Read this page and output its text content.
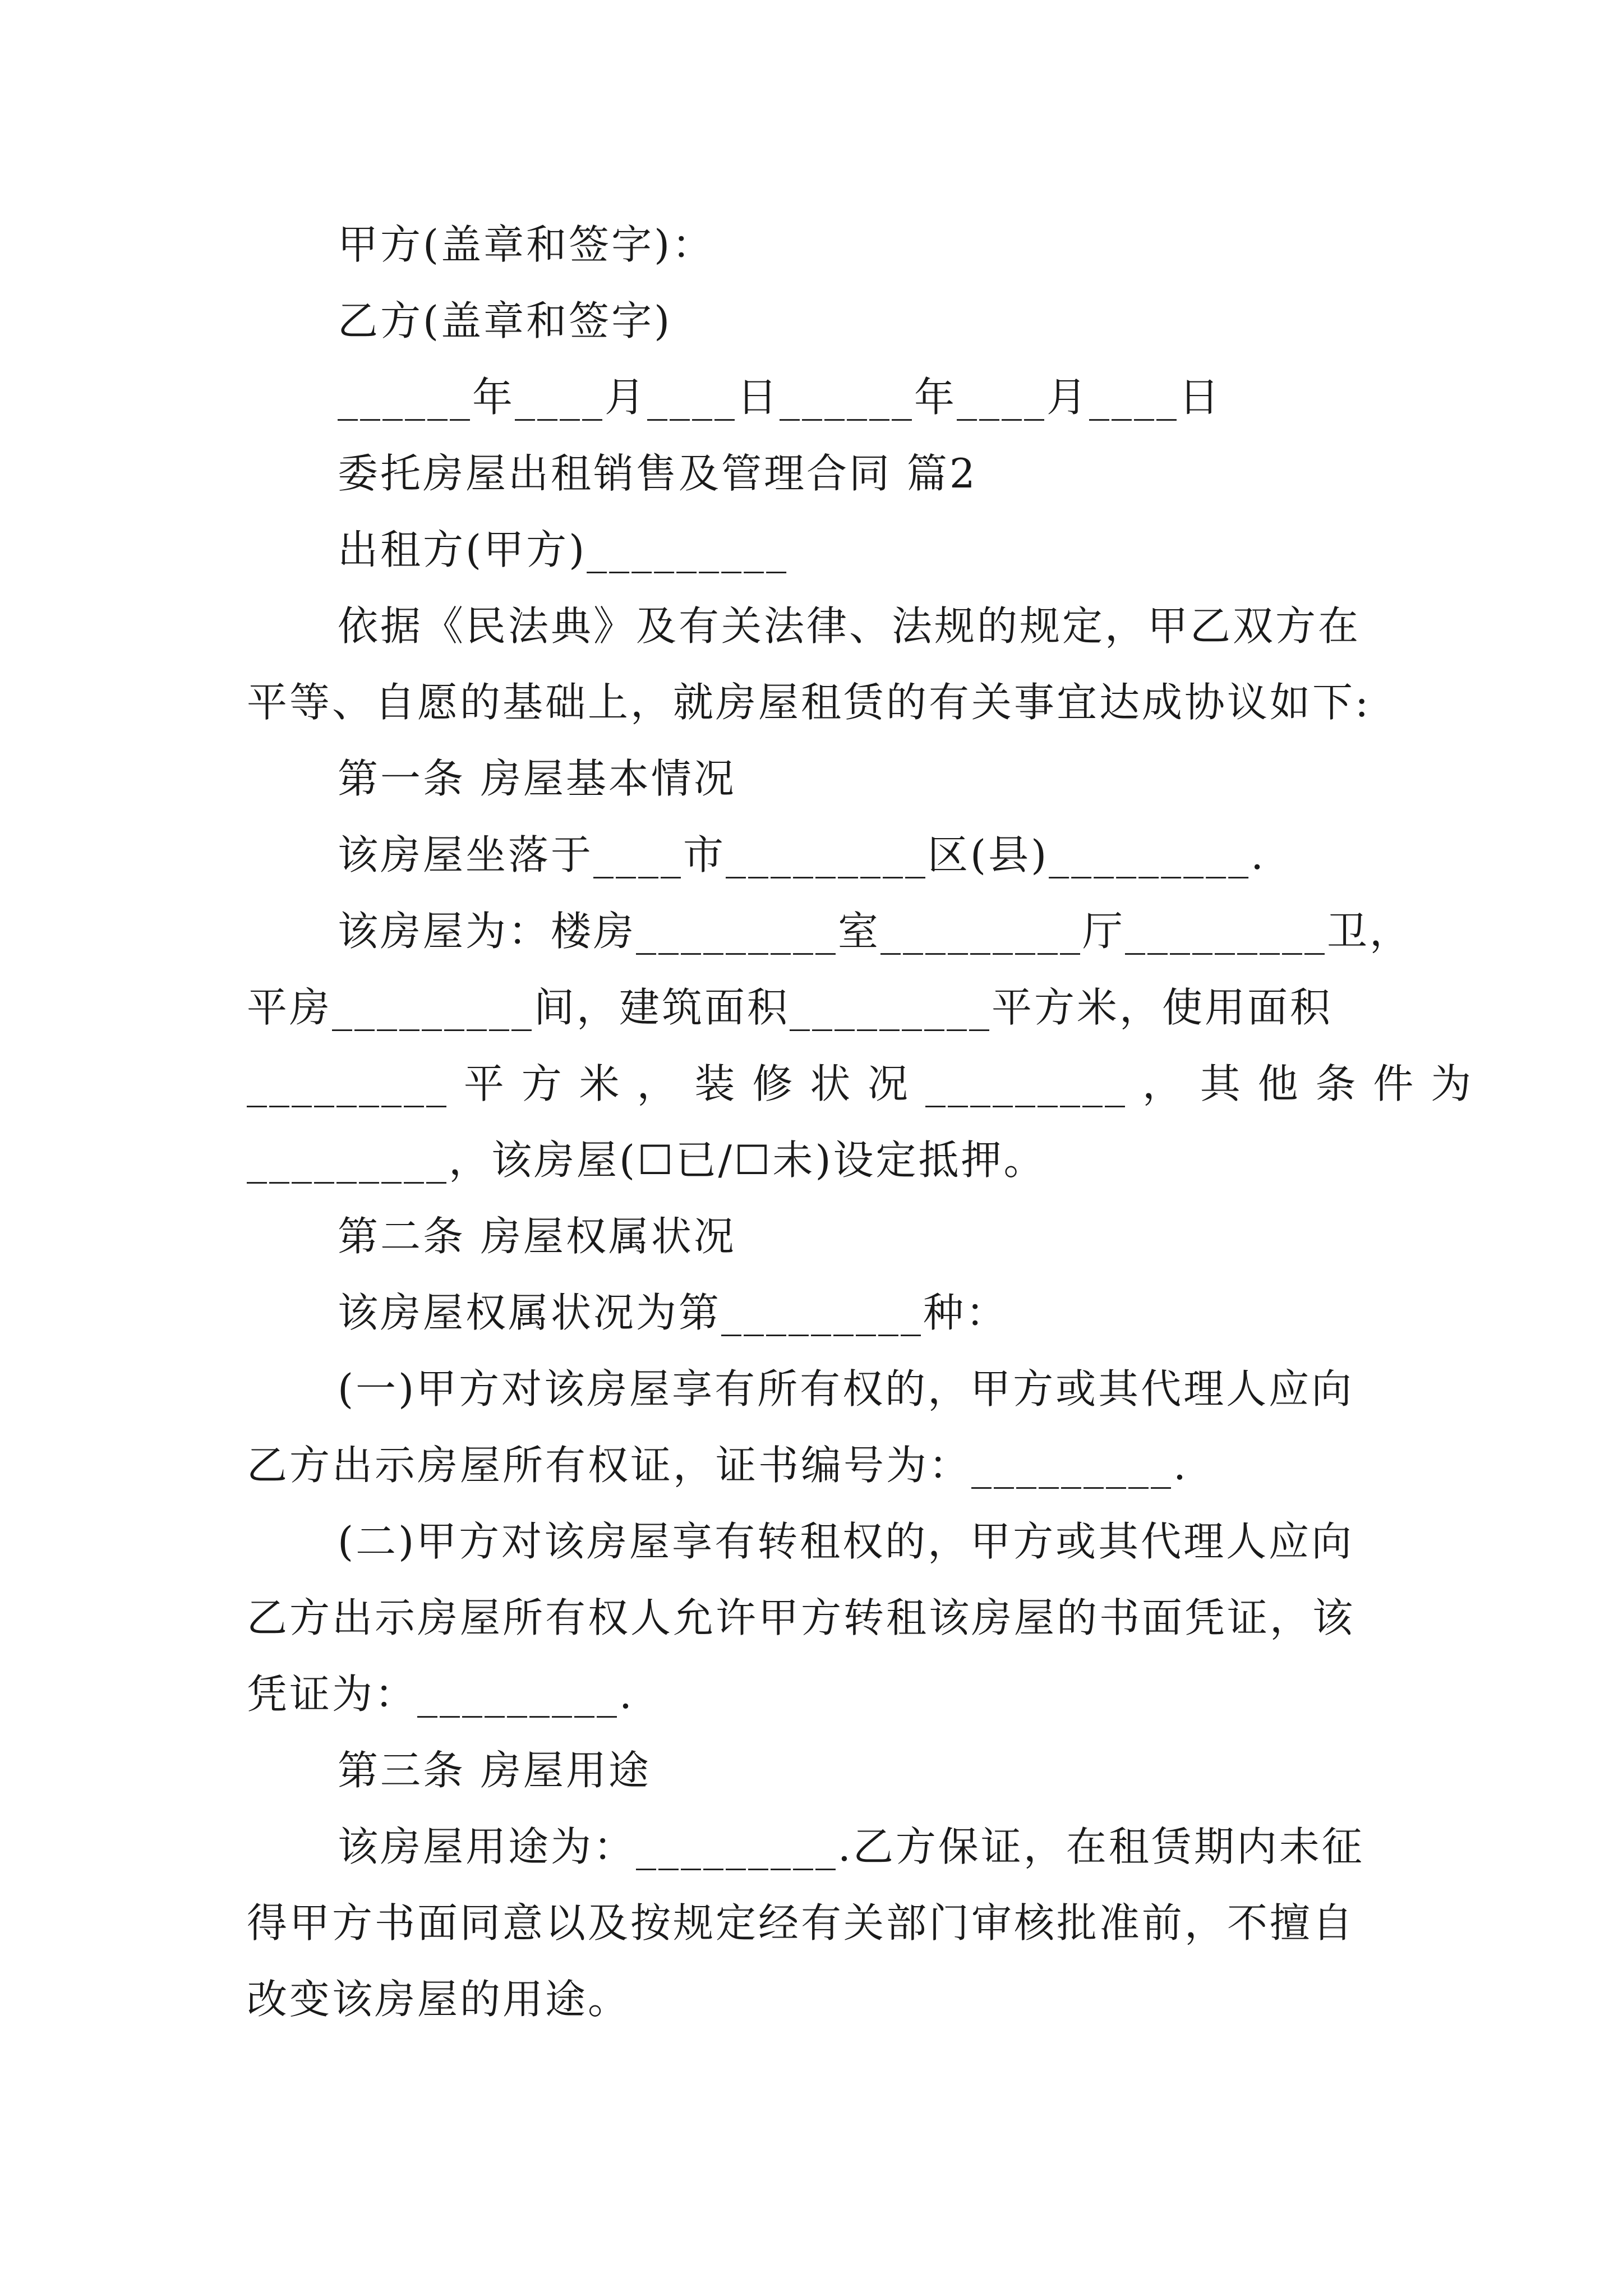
甲方(盖章和签字)：
乙方(盖章和签字)
______年____月____日______年____月____日
委托房屋出租销售及管理合同 篇2
出租方(甲方)_________
依据《民法典》及有关法律、法规的规定，甲乙双方在
平等、自愿的基础上，就房屋租赁的有关事宜达成协议如下:
第一条 房屋基本情况
该房屋坐落于____市_________区(县)_________.
该房屋为：楼房_________室_________厅_________卫，
平房_________间，建筑面积_________平方米，使用面积
_________ 平 方 米 ， 装 修 状 况 _________ ， 其 他 条 件 为
_________，该房屋(☐已/☐未)设定抵押。
第二条 房屋权属状况
该房屋权属状况为第_________种：
(一)甲方对该房屋享有所有权的，甲方或其代理人应向
乙方出示房屋所有权证，证书编号为：_________.
(二)甲方对该房屋享有转租权的，甲方或其代理人应向
乙方出示房屋所有权人允许甲方转租该房屋的书面凭证，该
凭证为：_________.
第三条 房屋用途
该房屋用途为：_________.乙方保证，在租赁期内未征
得甲方书面同意以及按规定经有关部门审核批准前，不擅自
改变该房屋的用途。
